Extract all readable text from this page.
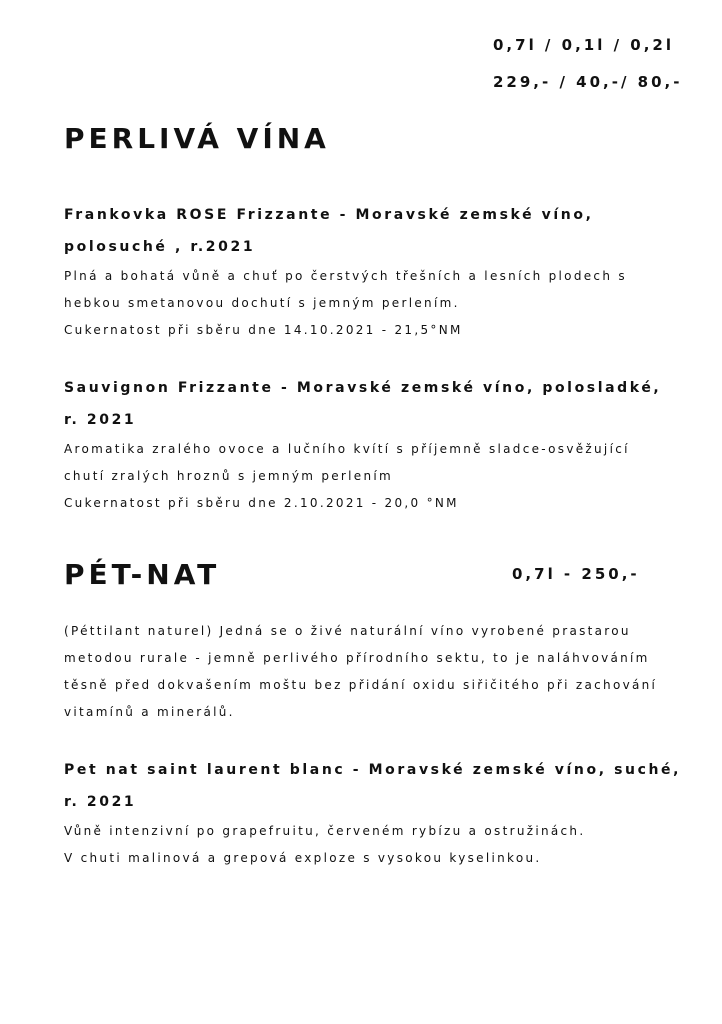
0,7l / 0,1l / 0,2l
229,- / 40,-/ 80,-
PERLIVÁ VÍNA
Frankovka ROSE Frizzante - Moravské zemské víno,
polosuché , r.2021
Plná a bohatá vůně a chuť po čerstvých třešních a lesních plodech s
hebkou smetanovou dochutí s jemným perlením.
Cukernatost při sběru dne 14.10.2021 - 21,5°NM
Sauvignon Frizzante - Moravské zemské víno, polosladké,
r. 2021
Aromatika zralého ovoce a lučního kvítí s příjemně sladce-osvěžující
chutí zralých hroznů s jemným perlením
Cukernatost při sběru dne 2.10.2021 - 20,0 °NM
PÉT-NAT	0,7l - 250,-
(Péttilant naturel) Jedná se o živé naturální víno vyrobené prastarou
metodou rurale - jemně perlivého přírodního sektu, to je naláhvováním
těsně před dokvašením moštu bez přidání oxidu siřičitého při zachování
vitamínů a minerálů.
Pet nat saint laurent blanc - Moravské zemské víno, suché,
r. 2021
Vůně intenzivní po grapefruitu, červeném rybízu a ostružinách.
V chuti malinová a grepová exploze s vysokou kyselinkou.
